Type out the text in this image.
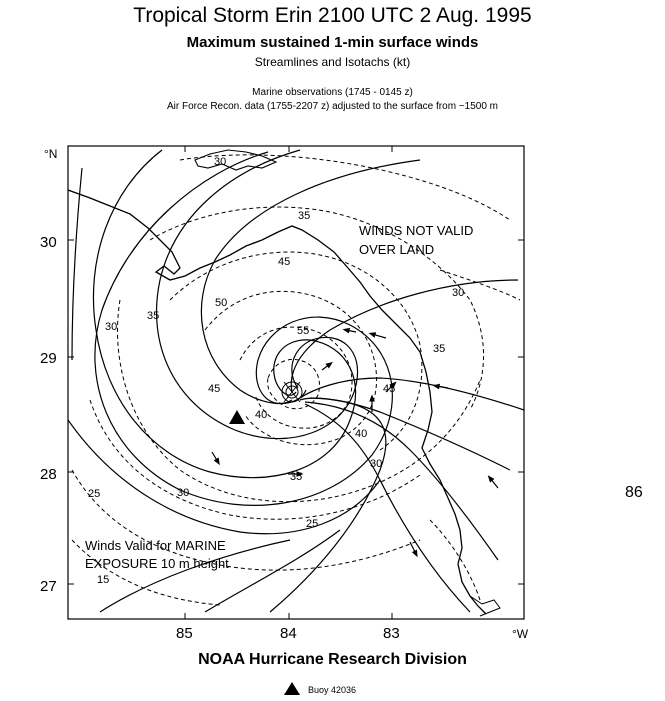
Tropical Storm Erin 2100 UTC 2 Aug. 1995
Maximum sustained 1-min surface winds
Streamlines and Isotachs (kt)
Marine observations (1745 - 0145 z)
Air Force Recon. data (1755-2207 z) adjusted to the surface from ~1500 m
°N
30
29
28
27
85	84	83	°W
30
35
45
50
55
40
45
30
25	30
35
25
15
35
40
30
35
45
30
WINDS NOT VALID
OVER LAND
Winds Valid for MARINE
EXPOSURE 10 m height
86
NOAA Hurricane Research Division
Buoy 42036
